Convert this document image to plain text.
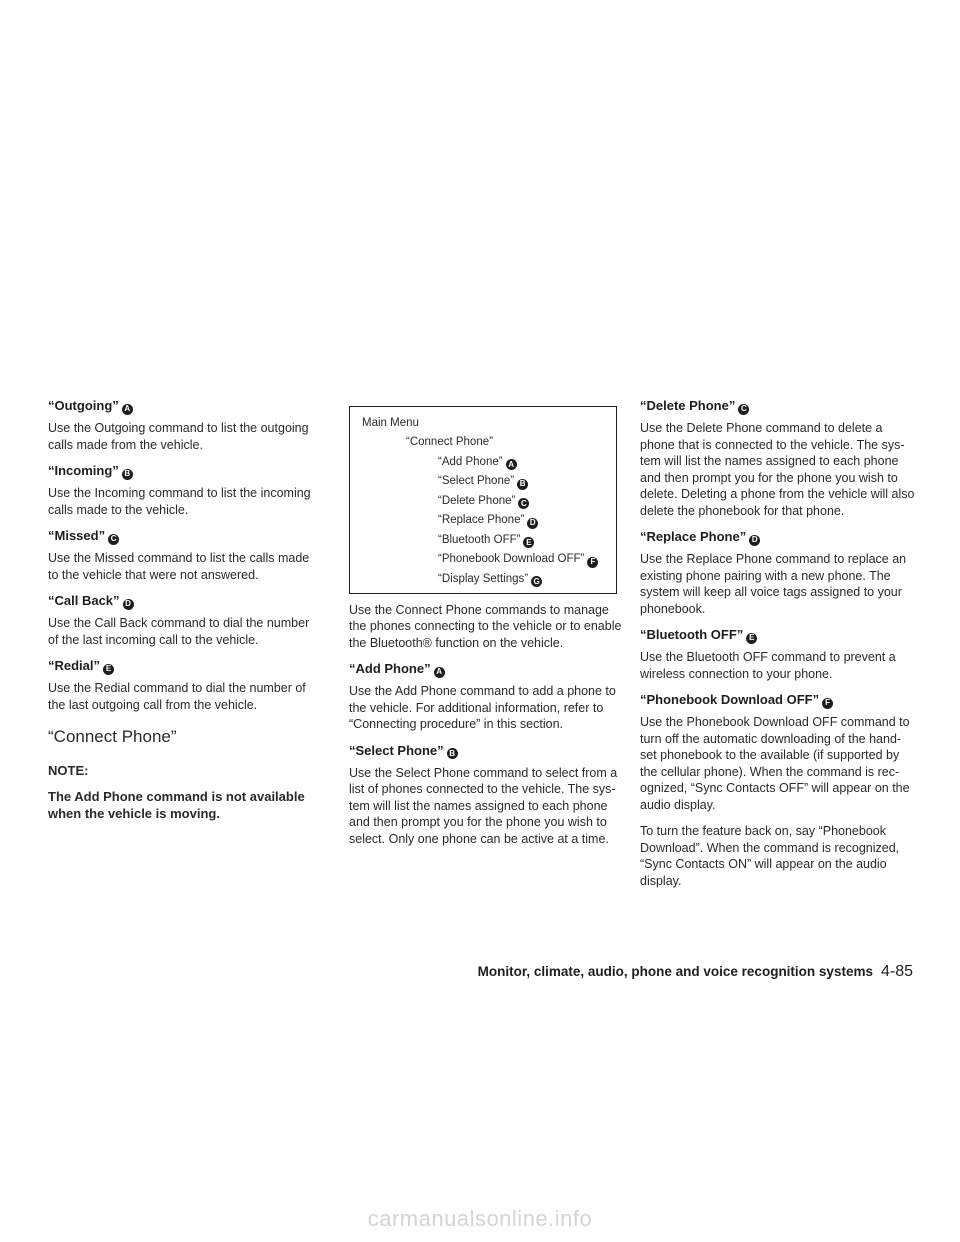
“Outgoing” A

Use the Outgoing command to list the outgoing calls made from the vehicle.

“Incoming” B

Use the Incoming command to list the incoming calls made to the vehicle.

“Missed” C

Use the Missed command to list the calls made to the vehicle that were not answered.

“Call Back” D

Use the Call Back command to dial the number of the last incoming call to the vehicle.

“Redial” E

Use the Redial command to dial the number of the last outgoing call from the vehicle.

“Connect Phone”
NOTE:

The Add Phone command is not available when the vehicle is moving.

Main Menu
“Connect Phone”
“Add Phone” A
“Select Phone” B
“Delete Phone” C
“Replace Phone” D
“Bluetooth OFF” E
“Phonebook Download OFF” F
“Display Settings” G

Use the Connect Phone commands to manage the phones connecting to the vehicle or to enable the Bluetooth® function on the vehicle.

“Add Phone” A

Use the Add Phone command to add a phone to the vehicle. For additional information, refer to “Connecting procedure” in this section.

“Select Phone” B

Use the Select Phone command to select from a list of phones connected to the vehicle. The sys- tem will list the names assigned to each phone and then prompt you for the phone you wish to select. Only one phone can be active at a time.

“Delete Phone” C

Use the Delete Phone command to delete a phone that is connected to the vehicle. The sys- tem will list the names assigned to each phone and then prompt you for the phone you wish to delete. Deleting a phone from the vehicle will also delete the phonebook for that phone.

“Replace Phone” D

Use the Replace Phone command to replace an existing phone pairing with a new phone. The system will keep all voice tags assigned to your phonebook.

“Bluetooth OFF” E

Use the Bluetooth OFF command to prevent a wireless connection to your phone.

“Phonebook Download OFF” F

Use the Phonebook Download OFF command to turn off the automatic downloading of the hand- set phonebook to the available (if supported by the cellular phone). When the command is rec- ognized, “Sync Contacts OFF” will appear on the audio display.

To turn the feature back on, say “Phonebook Download”. When the command is recognized, “Sync Contacts ON” will appear on the audio display.

Monitor, climate, audio, phone and voice recognition systems 4-85
carmanualsonline.info
